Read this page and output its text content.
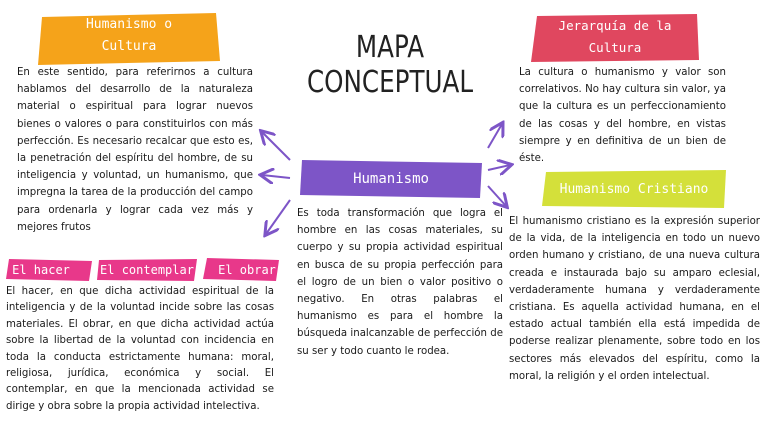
MAPA CONCEPTUAL
Humanismo o
Cultura
En este sentido, para referirnos a cultura hablamos del desarrollo de la naturaleza material o espiritual para lograr nuevos bienes o valores o para constituirlos con más perfección. Es necesario recalcar que esto es, la penetración del espíritu del hombre, de su inteligencia y voluntad, un humanismo, que impregna la tarea de la producción del campo para ordenarla y lograr cada vez más y mejores frutos
Jerarquía de la
Cultura
La cultura o humanismo y valor son correlativos. No hay cultura sin valor, ya que la cultura es un perfeccionamiento de las cosas y del hombre, en vistas siempre y en definitiva de un bien de éste.
Humanismo
Es toda transformación que logra el hombre en las cosas materiales, su cuerpo y su propia actividad espiritual en busca de su propia perfección para el logro de un bien o valor positivo o negativo. En otras palabras el humanismo es para el hombre la búsqueda inalcanzable de perfección de su ser y todo cuanto le rodea.
Humanismo Cristiano
El humanismo cristiano es la expresión superior de la vida, de la inteligencia en todo un nuevo orden humano y cristiano, de una nueva cultura creada e instaurada bajo su amparo eclesial, verdaderamente humana y verdaderamente cristiana. Es aquella actividad humana, en el estado actual también ella está impedida de poderse realizar plenamente, sobre todo en los sectores más elevados del espíritu, como la moral, la religión y el orden intelectual.
El hacer	El contemplar	El obrar
El hacer, en que dicha actividad espiritual de la inteligencia y de la voluntad incide sobre las cosas materiales. El obrar, en que dicha actividad actúa sobre la libertad de la voluntad con incidencia en toda la conducta estrictamente humana: moral, religiosa, jurídica, económica y social. El contemplar, en que la mencionada actividad se dirige y obra sobre la propia actividad intelectiva.
